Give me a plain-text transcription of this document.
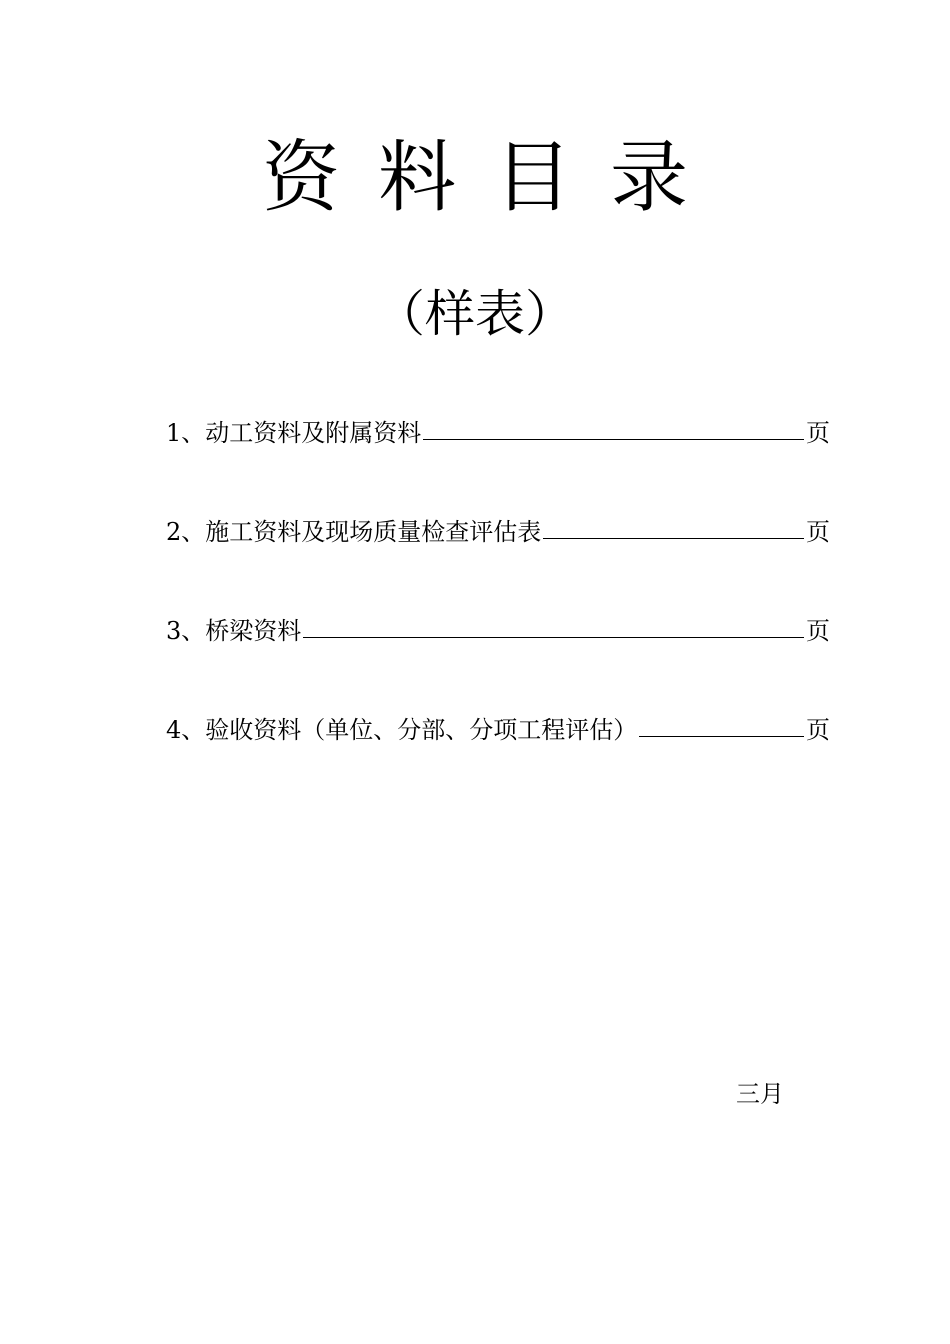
资料目录
（样表）
1、动工资料及附属资料	页
2、施工资料及现场质量检查评估表	页
3、桥梁资料	页
4、验收资料（单位、分部、分项工程评估）	页
三月
